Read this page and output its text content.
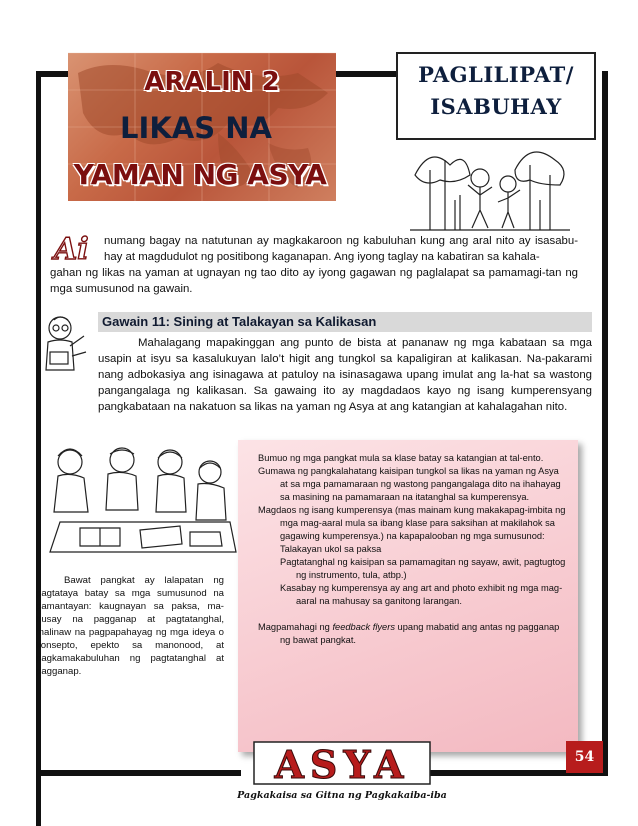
ARALIN 2
LIKAS NA
YAMAN NG ASYA
PAGLILIPAT/
ISABUHAY
Ai	numang bagay na natutunan ay magkakaroon ng kabuluhan kung ang aral nito ay isasabu-hay at magdudulot ng positibong kaganapan. Ang iyong taglay na kabatiran sa kahala-
gahan ng likas na yaman at ugnayan ng tao dito ay iyong gagawan ng paglalapat sa pamamagi-tan ng mga sumusunod na gawain.
Gawain 11: Sining at Talakayan sa Kalikasan
Mahalagang mapakinggan ang punto de bista at pananaw ng mga kabataan sa mga usapin at isyu sa kasalukuyan lalo’t higit ang tungkol sa kapaligiran at kalikasan. Na-pakarami nang adbokasiya ang isinagawa at patuloy na isinasagawa upang imulat ang la-hat sa wastong pangangalaga ng kalikasan. Sa gawaing ito ay magdadaos kayo ng isang kumperensyang pangkabataan na nakatuon sa likas na yaman ng Asya at ang katangian at kahalagahan nito.
Bawat pangkat ay lalapatan ng pagtataya batay sa mga sumusunod na pamantayan: kaugnayan sa paksa, ma-husay na pagganap at pagtatanghal, malinaw na pagpapahayag ng mga ideya o konsepto, epekto sa manonood, at pagkamakabuluhan ng pagtatanghal at pagganap.
Bumuo ng mga pangkat mula sa klase batay sa katangian at tal-ento.
Gumawa ng pangkalahatang kaisipan tungkol sa likas na yaman ng Asya at sa mga pamamaraan ng wastong pangangalaga dito na ihahayag sa masining na pamamaraan na itatanghal sa kumperensya.
Magdaos ng isang kumperensya (mas mainam kung makakapag-imbita ng mga mag-aaral mula sa ibang klase para saksihan at makilahok sa gagawing kumperensya.) na kapapalooban ng mga sumusunod:
Talakayan ukol sa paksa
Pagtatanghal ng kaisipan sa pamamagitan ng sayaw, awit, pagtugtog ng instrumento, tula, atbp.)
Kasabay ng kumperensya ay ang art and photo exhibit ng mga mag-aaral na mahusay sa ganitong larangan.
Magpamahagi ng feedback flyers upang mabatid ang antas ng pagganap ng bawat pangkat.
ASYA
Pagkakaisa sa Gitna ng Pagkakaiba-iba
54
